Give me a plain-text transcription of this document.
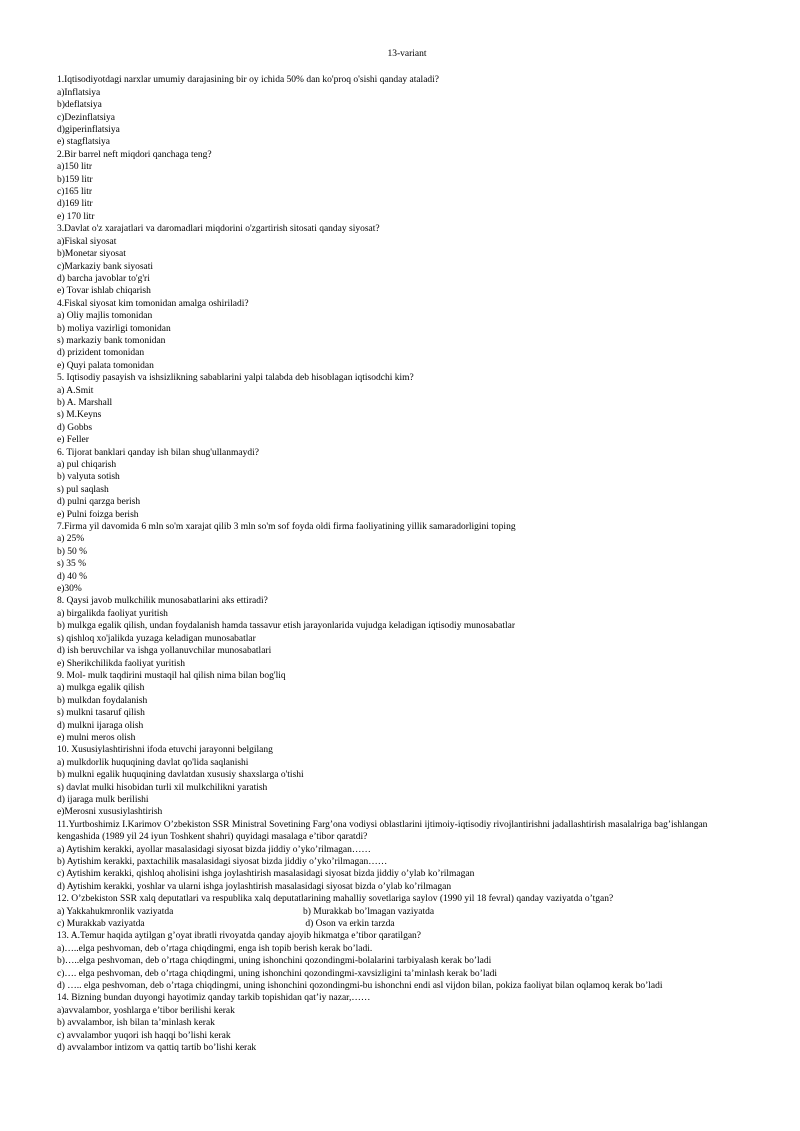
13-variant
1.Iqtisodiyotdagi narxlar umumiy darajasining bir oy ichida 50% dan ko'proq o'sishi qanday ataladi?
a)Inflatsiya
b)deflatsiya
c)Dezinflatsiya
d)giperinflatsiya
e) stagflatsiya
2.Bir barrel neft miqdori qanchaga teng?
a)150 litr
b)159 litr
c)165 litr
d)169 litr
e) 170 litr
3.Davlat o'z xarajatlari va daromadlari miqdorini o'zgartirish sitosati qanday siyosat?
a)Fiskal siyosat
b)Monetar siyosat
c)Markaziy bank siyosati
d) barcha javoblar to'g'ri
e) Tovar ishlab chiqarish
4.Fiskal siyosat kim tomonidan amalga oshiriladi?
a) Oliy majlis tomonidan
b) moliya vazirligi tomonidan
s) markaziy bank tomonidan
d) prizident tomonidan
e) Quyi palata tomonidan
5. Iqtisodiy pasayish va ishsizlikning sabablarini yalpi talabda deb hisoblagan iqtisodchi kim?
a) A.Smit
b) A. Marshall
s) M.Keyns
d) Gobbs
e) Feller
6. Tijorat banklari qanday ish bilan shug'ullanmaydi?
a) pul chiqarish
b) valyuta sotish
s) pul saqlash
d) pulni qarzga berish
e) Pulni foizga berish
7.Firma yil davomida 6 mln so'm xarajat qilib 3 mln so'm sof foyda oldi firma faoliyatining yillik samaradorligini toping
a) 25%
b) 50 %
s) 35 %
d) 40 %
e)30%
8. Qaysi javob mulkchilik munosabatlarini aks ettiradi?
a) birgalikda faoliyat yuritish
b) mulkga egalik qilish, undan foydalanish hamda tassavur etish jarayonlarida vujudga keladigan iqtisodiy munosabatlar
s) qishloq xo'jalikda yuzaga keladigan munosabatlar
d) ish beruvchilar va ishga yollanuvchilar munosabatlari
e) Sherikchilikda faoliyat yuritish
9. Mol- mulk taqdirini mustaqil hal qilish nima bilan bog'liq
a) mulkga egalik qilish
b) mulkdan foydalanish
s) mulkni tasaruf qilish
d) mulkni ijaraga olish
e) mulni meros olish
10. Xususiylashtirishni ifoda etuvchi jarayonni belgilang
a) mulkdorlik huquqining davlat qo'lida saqlanishi
b) mulkni egalik huquqining davlatdan xususiy shaxslarga o'tishi
s) davlat mulki hisobidan turli xil mulkchilikni yaratish
d) ijaraga mulk berilishi
e)Merosni xususiylashtirish
11.Yurtboshimiz I.Karimov O’zbekiston SSR Ministral Sovetining Farg’ona vodiysi oblastlarini ijtimoiy-iqtisodiy rivojlantirishni jadallashtirish masalalriga bag’ishlangan kengashida (1989 yil 24 iyun Toshkent shahri) quyidagi masalaga e’tibor qaratdi?
a) Aytishim kerakki, ayollar masalasidagi siyosat bizda jiddiy o’yko’rilmagan……
b) Aytishim kerakki, paxtachilik masalasidagi siyosat bizda jiddiy o’yko’rilmagan……
c) Aytishim kerakki, qishloq aholisini ishga joylashtirish masalasidagi siyosat bizda jiddiy o’ylab ko’rilmagan
d) Aytishim kerakki, yoshlar va ularni ishga joylashtirish masalasidagi siyosat bizda o’ylab ko’rilmagan
12. O’zbekiston SSR xalq deputatlari va respublika xalq deputatlarining mahalliy sovetlariga saylov (1990 yil 18 fevral) qanday vaziyatda o’tgan?
a) Yakkahukmronlik vaziyatda	b) Murakkab bo’lmagan vaziyatda
c) Murakkab vaziyatda	d) Oson va erkin tarzda
13. A.Temur haqida aytilgan g’oyat ibratli rivoyatda qanday ajoyib hikmatga e’tibor qaratilgan?
a)…..elga peshvoman, deb o’rtaga chiqdingmi, enga ish topib berish kerak bo’ladi.
b)…..elga peshvoman, deb o’rtaga chiqdingmi, uning ishonchini qozondingmi-bolalarini tarbiyalash kerak bo’ladi
c)…. elga peshvoman, deb o’rtaga chiqdingmi, uning ishonchini qozondingmi-xavsizligini ta’minlash kerak bo’ladi
d) ….. elga peshvoman, deb o’rtaga chiqdingmi, uning ishonchini qozondingmi-bu ishonchni endi asl vijdon bilan, pokiza faoliyat bilan oqlamoq kerak bo’ladi
14. Bizning bundan duyongi hayotimiz qanday tarkib topishidan qat’iy nazar,……
a)avvalambor, yoshlarga e’tibor berilishi kerak
b) avvalambor, ish bilan ta’minlash kerak
c) avvalambor yuqori ish haqqi bo’lishi kerak
d) avvalambor intizom va qattiq tartib bo’lishi kerak
